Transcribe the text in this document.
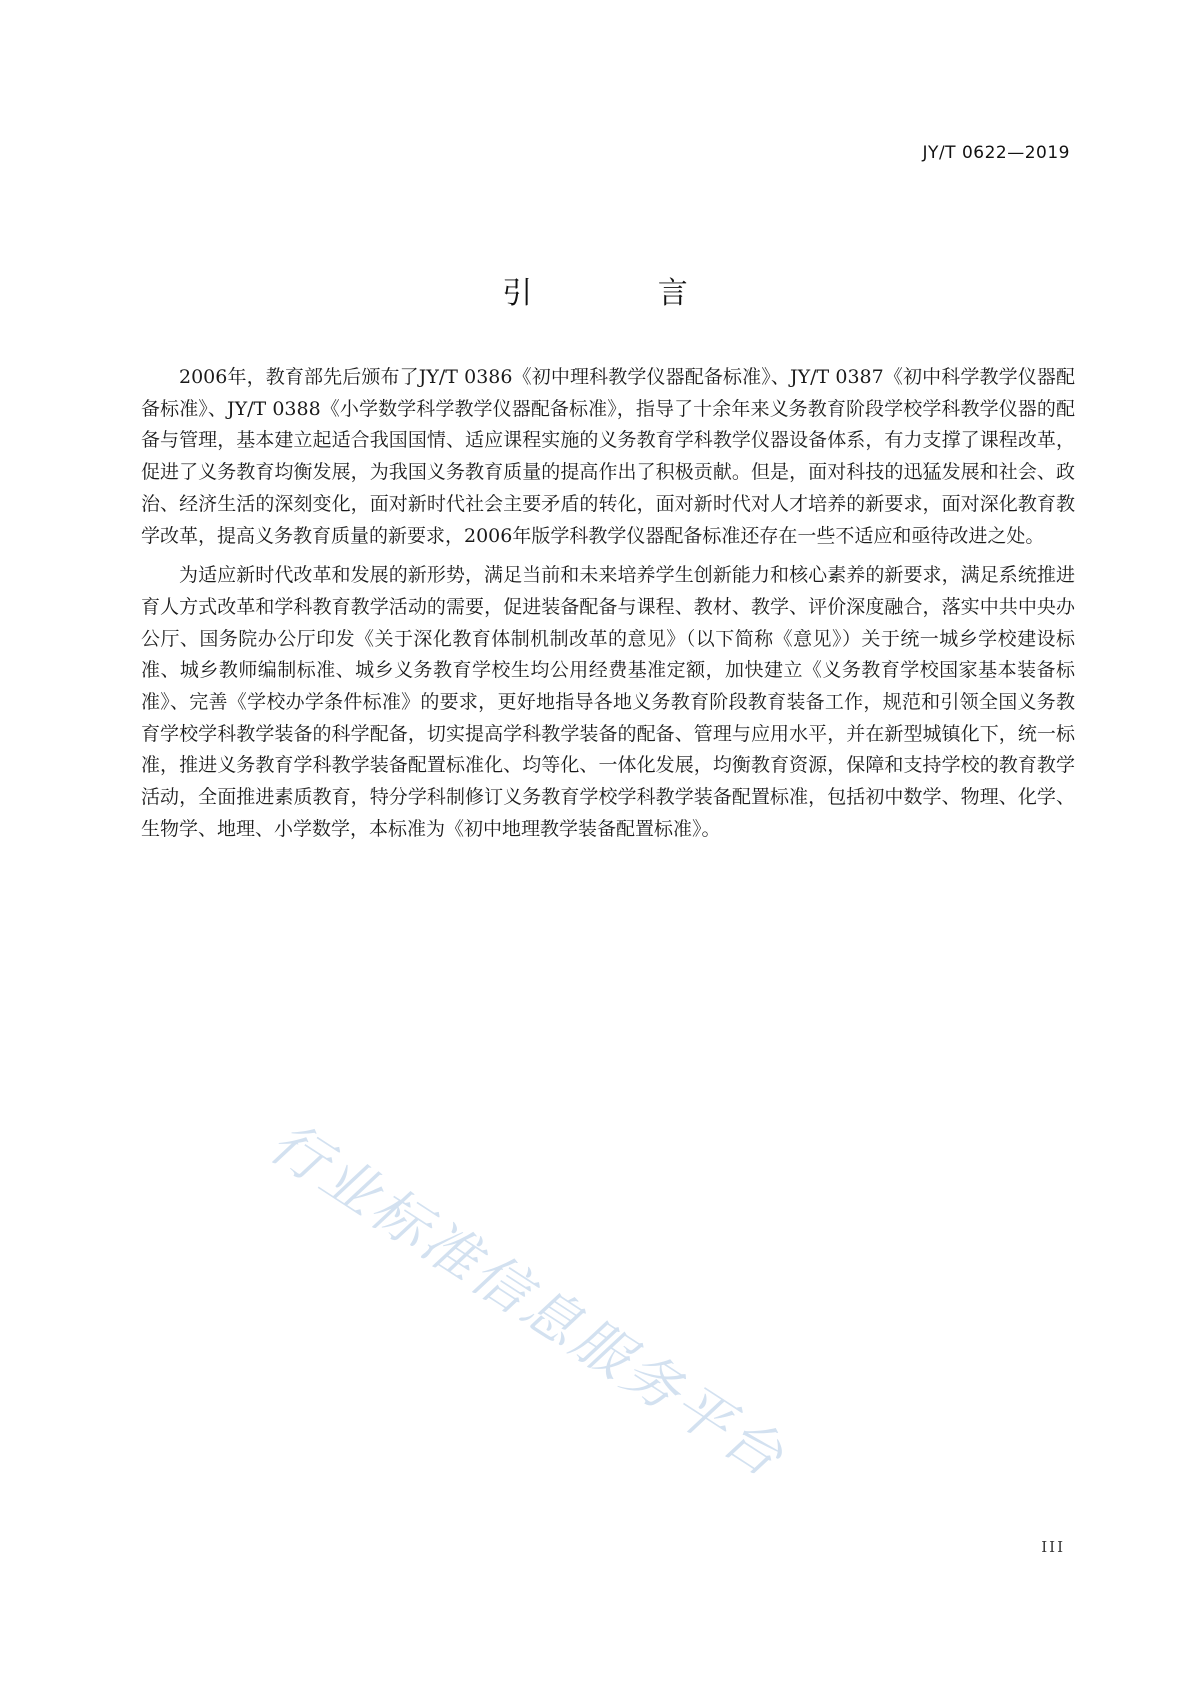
JY/T 0622—2019
引 言

2006年，教育部先后颁布了JY/T 0386《初中理科教学仪器配备标准》、JY/T 0387《初中科学教学仪器配备标准》、JY/T 0388《小学数学科学教学仪器配备标准》，指导了十余年来义务教育阶段学校学科教学仪器的配备与管理，基本建立起适合我国国情、适应课程实施的义务教育学科教学仪器设备体系，有力支撑了课程改革，促进了义务教育均衡发展，为我国义务教育质量的提高作出了积极贡献。但是，面对科技的迅猛发展和社会、政治、经济生活的深刻变化，面对新时代社会主要矛盾的转化，面对新时代对人才培养的新要求，面对深化教育教学改革，提高义务教育质量的新要求，2006年版学科教学仪器配备标准还存在一些不适应和亟待改进之处。

为适应新时代改革和发展的新形势，满足当前和未来培养学生创新能力和核心素养的新要求，满足系统推进育人方式改革和学科教育教学活动的需要，促进装备配备与课程、教材、教学、评价深度融合，落实中共中央办公厅、国务院办公厅印发《关于深化教育体制机制改革的意见》（以下简称《意见》）关于统一城乡学校建设标准、城乡教师编制标准、城乡义务教育学校生均公用经费基准定额，加快建立《义务教育学校国家基本装备标准》、完善《学校办学条件标准》的要求，更好地指导各地义务教育阶段教育装备工作，规范和引领全国义务教育学校学科教学装备的科学配备，切实提高学科教学装备的配备、管理与应用水平，并在新型城镇化下，统一标准，推进义务教育学科教学装备配置标准化、均等化、一体化发展，均衡教育资源，保障和支持学校的教育教学活动，全面推进素质教育，特分学科制修订义务教育学校学科教学装备配置标准，包括初中数学、物理、化学、生物学、地理、小学数学，本标准为《初中地理教学装备配置标准》。

行业标准信息服务平台
III
